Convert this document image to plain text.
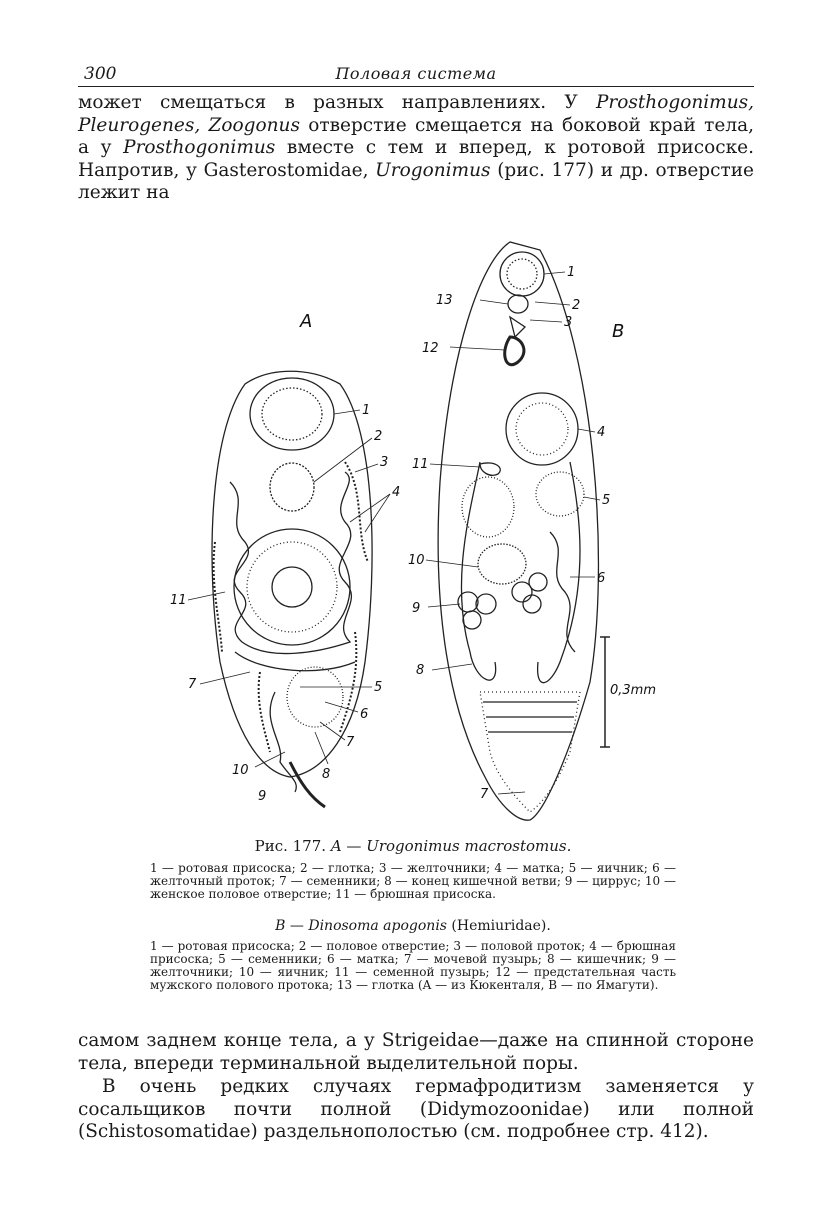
300	Половая система
может смещаться в разных направлениях. У Prosthogonimus, Pleurogenes, Zoogonus отверстие смещается на боковой край тела, а у Prosthogonimus вместе с тем и вперед, к ротовой присоске. Напротив, у Gasterostomidae, Urogonimus (рис. 177) и др. отверстие лежит на
A	B
1
2
3
4
11
7	5
6
7
10	8
9
1
13	2
3
12
4
11
5
10
6
9
8
7
0,3mm
Рис. 177. A — Urogonimus macrostomus.
1 — ротовая присоска; 2 — глотка; 3 — желточники; 4 — матка; 5 — яичник; 6 — желточный проток; 7 — семенники; 8 — конец кишечной ветви; 9 — циррус; 10 — женское половое отверстие; 11 — брюшная присоска.
B — Dinosoma apogonis (Hemiuridae).
1 — ротовая присоска; 2 — половое отверстие; 3 — половой проток; 4 — брюшная присоска; 5 — семенники; 6 — матка; 7 — мочевой пузырь; 8 — кишечник; 9 — желточники; 10 — яичник; 11 — семенной пузырь; 12 — предстательная часть мужского полового протока; 13 — глотка (A — из Кюкенталя, B — по Ямагути).
самом заднем конце тела, а у Strigeidae—даже на спинной стороне тела, впереди терминальной выделительной поры.
В очень редких случаях гермафродитизм заменяется у сосальщиков почти полной (Didymozoonidae) или полной (Schistosomatidae) раздельнополостью (см. подробнее стр. 412).
